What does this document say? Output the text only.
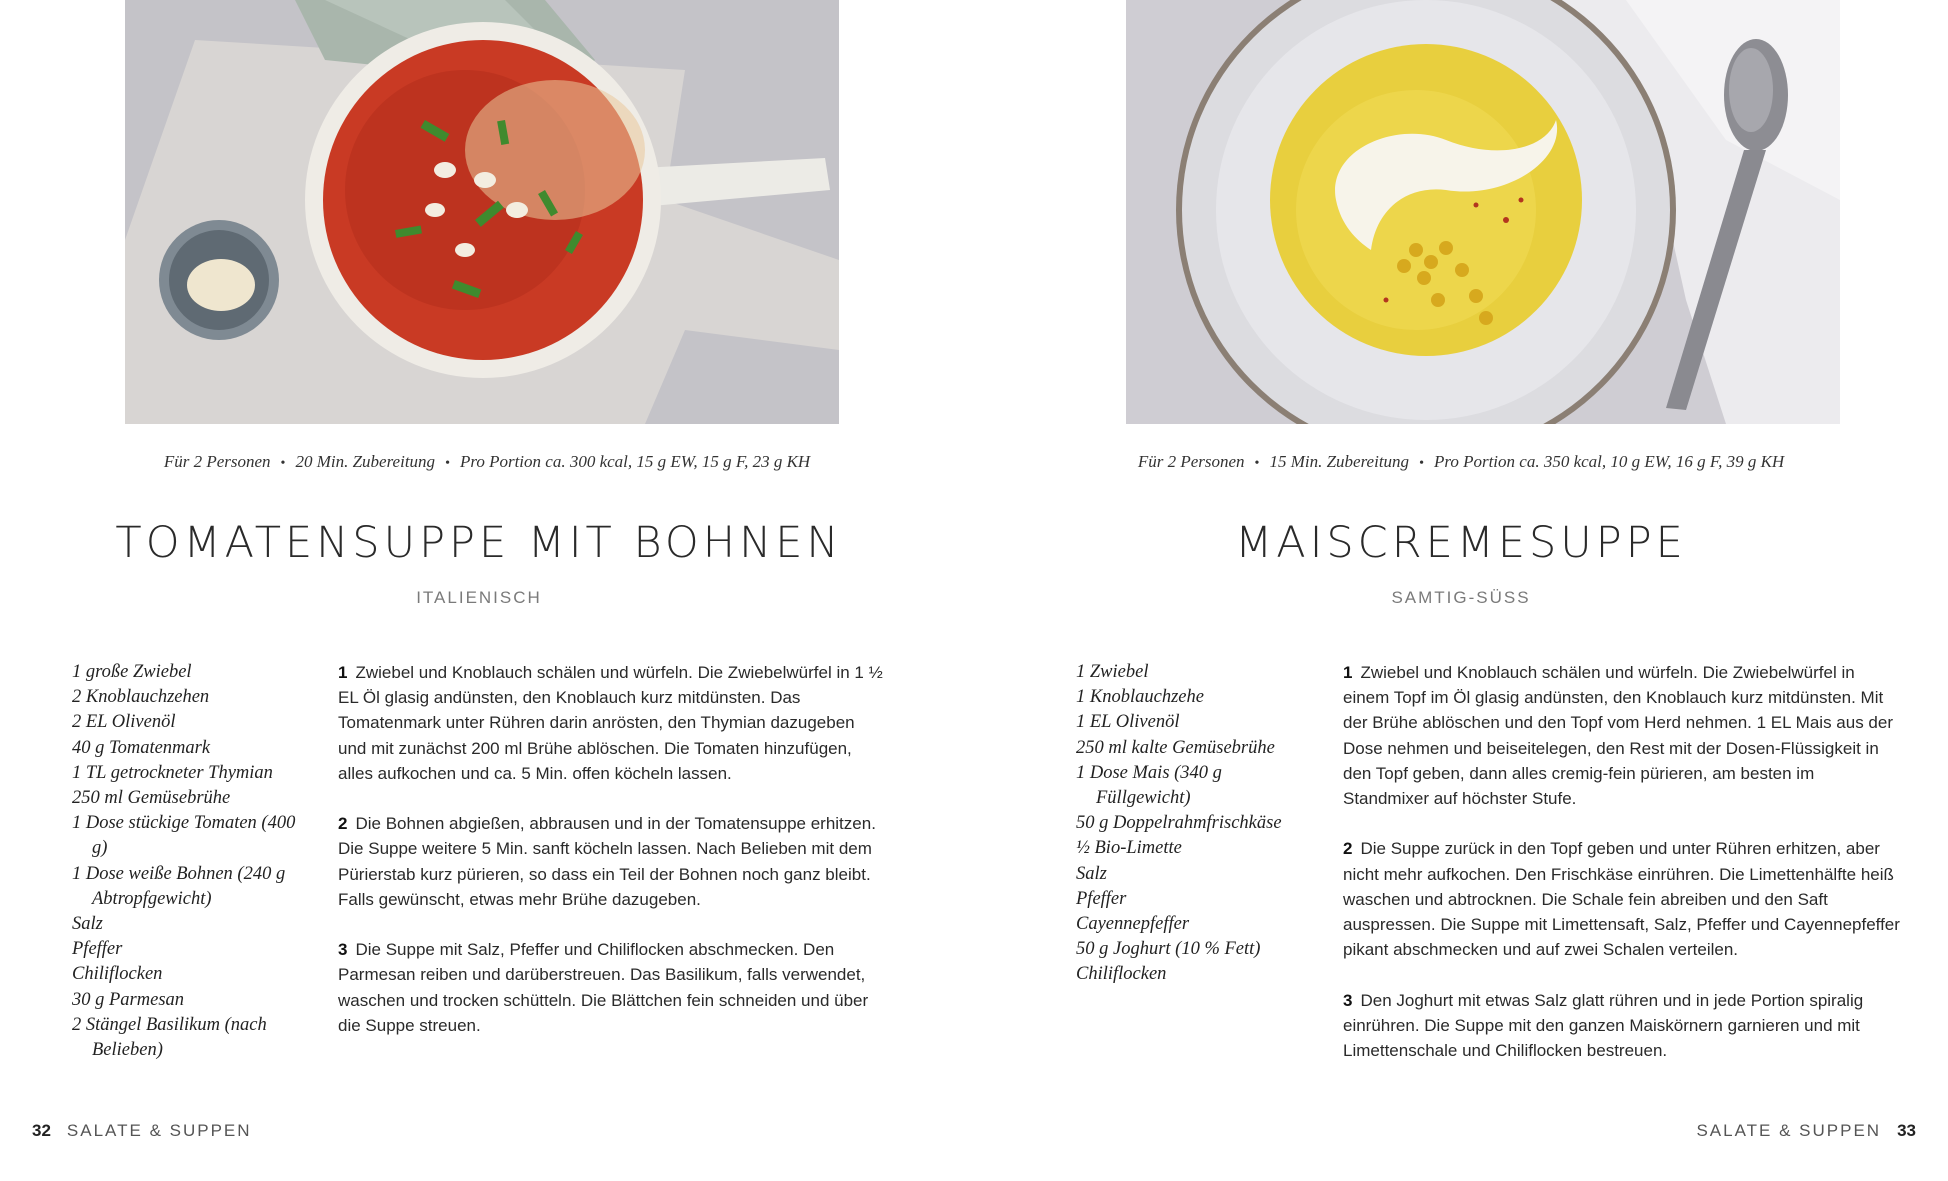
Für 2 Personen • 20 Min. Zubereitung • Pro Portion ca. 300 kcal, 15 g EW, 15 g F, 23 g KH
TOMATENSUPPE MIT BOHNEN
ITALIENISCH
1 große Zwiebel
2 Knoblauchzehen
2 EL Olivenöl
40 g Tomatenmark
1 TL getrockneter Thymian
250 ml Gemüsebrühe
1 Dose stückige Tomaten (400 g)
1 Dose weiße Bohnen (240 g Abtropfgewicht)
Salz
Pfeffer
Chiliflocken
30 g Parmesan
2 Stängel Basilikum (nach Belieben)

1 Zwiebel und Knoblauch schälen und würfeln. Die Zwiebelwürfel in 1 ½ EL Öl glasig andünsten, den Knoblauch kurz mitdünsten. Das Tomatenmark unter Rühren darin anrösten, den Thymian dazugeben und mit zunächst 200 ml Brühe ablöschen. Die Tomaten hinzufügen, alles aufkochen und ca. 5 Min. offen köcheln lassen.

2 Die Bohnen abgießen, abbrausen und in der Tomatensuppe erhitzen. Die Suppe weitere 5 Min. sanft köcheln lassen. Nach Belieben mit dem Pürierstab kurz pürieren, so dass ein Teil der Bohnen noch ganz bleibt. Falls gewünscht, etwas mehr Brühe dazugeben.

3 Die Suppe mit Salz, Pfeffer und Chiliflocken abschmecken. Den Parmesan reiben und darüberstreuen. Das Basilikum, falls verwendet, waschen und trocken schütteln. Die Blättchen fein schneiden und über die Suppe streuen.

32 SALATE & SUPPEN
Für 2 Personen • 15 Min. Zubereitung • Pro Portion ca. 350 kcal, 10 g EW, 16 g F, 39 g KH
MAISCREMESUPPE
SAMTIG-SÜSS
1 Zwiebel
1 Knoblauchzehe
1 EL Olivenöl
250 ml kalte Gemüsebrühe
1 Dose Mais (340 g Füllgewicht)
50 g Doppelrahmfrischkäse
½ Bio-Limette
Salz
Pfeffer
Cayennepfeffer
50 g Joghurt (10 % Fett)
Chiliflocken

1 Zwiebel und Knoblauch schälen und würfeln. Die Zwiebelwürfel in einem Topf im Öl glasig andünsten, den Knoblauch kurz mitdünsten. Mit der Brühe ablöschen und den Topf vom Herd nehmen. 1 EL Mais aus der Dose nehmen und beiseitelegen, den Rest mit der Dosen-Flüssigkeit in den Topf geben, dann alles cremig-fein pürieren, am besten im Standmixer auf höchster Stufe.

2 Die Suppe zurück in den Topf geben und unter Rühren erhitzen, aber nicht mehr aufkochen. Den Frischkäse einrühren. Die Limettenhälfte heiß waschen und abtrocknen. Die Schale fein abreiben und den Saft auspressen. Die Suppe mit Limettensaft, Salz, Pfeffer und Cayennepfeffer pikant abschmecken und auf zwei Schalen verteilen.

3 Den Joghurt mit etwas Salz glatt rühren und in jede Portion spiralig einrühren. Die Suppe mit den ganzen Maiskörnern garnieren und mit Limettenschale und Chiliflocken bestreuen.

SALATE & SUPPEN 33
